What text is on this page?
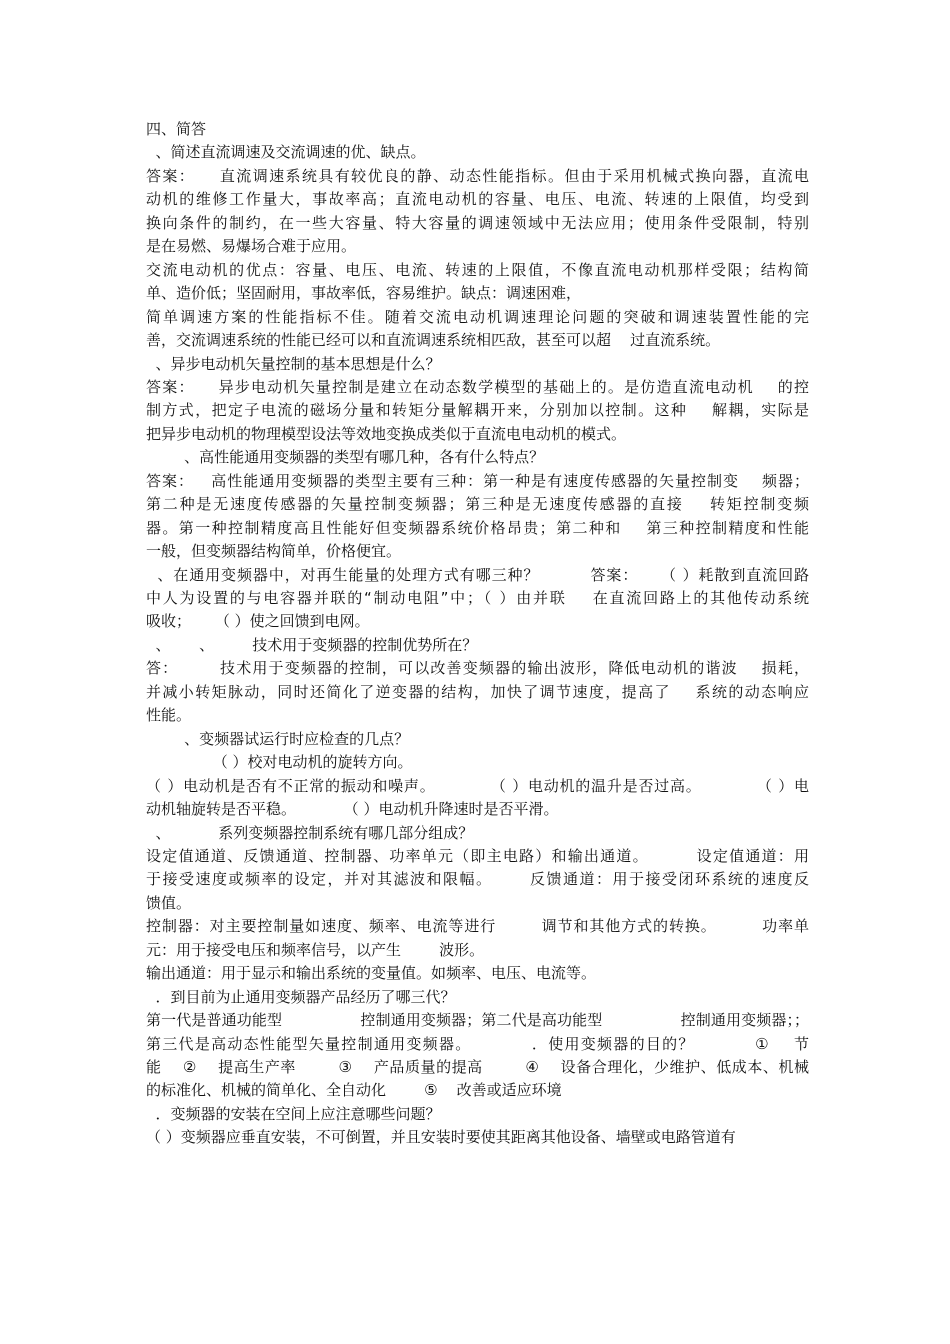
四、简答
、简述直流调速及交流调速的优、缺点。
答案：    直流调速系统具有较优良的静、动态性能指标。但由于采用机械式换向器，直流电
动机的维修工作量大，事故率高；直流电动机的容量、电压、电流、转速的上限值，均受到
换向条件的制约，在一些大容量、特大容量的调速领域中无法应用；使用条件受限制，特别
是在易燃、易爆场合难于应用。
交流电动机的优点：容量、电压、电流、转速的上限值，不像直流电动机那样受限；结构简
单、造价低；坚固耐用，事故率低，容易维护。缺点：调速困难，
简单调速方案的性能指标不佳。随着交流电动机调速理论问题的突破和调速装置性能的完
善，交流调速系统的性能已经可以和直流调速系统相匹敌，甚至可以超    过直流系统。
、异步电动机矢量控制的基本思想是什么？
答案：    异步电动机矢量控制是建立在动态数学模型的基础上的。是仿造直流电动机    的控
制方式，把定子电流的磁场分量和转矩分量解耦开来，分别加以控制。这种    解耦，实际是
把异步电动机的物理模型设法等效地变换成类似于直流电电动机的模式。
、高性能通用变频器的类型有哪几种，各有什么特点？
答案：   高性能通用变频器的类型主要有三种：第一种是有速度传感器的矢量控制变    频器；
第二种是无速度传感器的矢量控制变频器；第三种是无速度传感器的直接    转矩控制变频
器。第一种控制精度高且性能好但变频器系统价格昂贵；第二种和    第三种控制精度和性能
一般，但变频器结构简单，价格便宜。
、在通用变频器中，对再生能量的处理方式有哪三种？         答案：    （ ）耗散到直流回路
中人为设置的与电容器并联的“制动电阻”中；（ ）由并联    在直流回路上的其他传动系统
吸收；     （ ）使之回馈到电网。
、      、        技术用于变频器的控制优势所在？
答：       技术用于变频器的控制，可以改善变频器的输出波形，降低电动机的谐波    损耗，
并减小转矩脉动，同时还简化了逆变器的结构，加快了调节速度，提高了    系统的动态响应
性能。
、变频器试运行时应检查的几点？
（ ）校对电动机的旋转方向。
（ ）电动机是否有不正常的振动和噪声。          （ ）电动机的温升是否过高。          （ ）电
动机轴旋转是否平稳。          （ ）电动机升降速时是否平滑。
、          系列变频器控制系统有哪几部分组成？
设定值通道、反馈通道、控制器、功率单元（即主电路）和输出通道。        设定值通道：用
于接受速度或频率的设定，并对其滤波和限幅。      反馈通道：用于接受闭环系统的速度反
馈值。
控制器：对主要控制量如速度、频率、电流等进行        调节和其他方式的转换。        功率单
元：用于接受电压和频率信号，以产生        波形。
输出通道：用于显示和输出系统的变量值。如频率、电压、电流等。
．到目前为止通用变频器产品经历了哪三代？
第一代是普通功能型                控制通用变频器；第二代是高功能型                控制通用变频器；；
第三代是高动态性能型矢量控制通用变频器。          ．使用变频器的目的？          ①    节
能    ②    提高生产率        ③    产品质量的提高        ④    设备合理化，少维护、低成本、机械
的标准化、机械的简单化、全自动化        ⑤    改善或适应环境
．变频器的安装在空间上应注意哪些问题？
（ ）变频器应垂直安装，不可倒置，并且安装时要使其距离其他设备、墙壁或电路管道有
